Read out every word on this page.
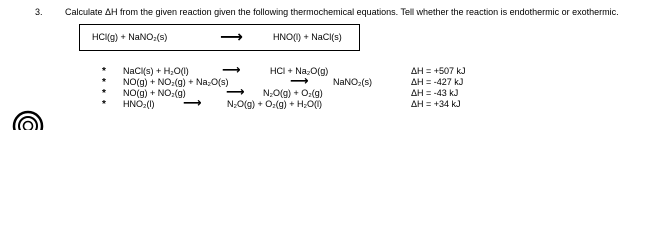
3. Calculate ΔH from the given reaction given the following thermochemical equations. Tell whether the reaction is endothermic or exothermic.
HCl(g) + NaNO₂(s)	⟶	HNO(l) + NaCl(s)
* NaCl(s) + H₂O(l)	⟶	HCl + Na₂O(g)	ΔH = +507 kJ
* NO(g) + NO₂(g) + Na₂O(s)	⟶	NaNO₂(s)	ΔH = -427 kJ
* NO(g) + NO₂(g)	⟶ N₂O(g) + O₂(g)	ΔH = -43 kJ
* HNO₂(l) ⟶	N₂O(g) + O₂(g) + H₂O(l)	ΔH = +34 kJ
